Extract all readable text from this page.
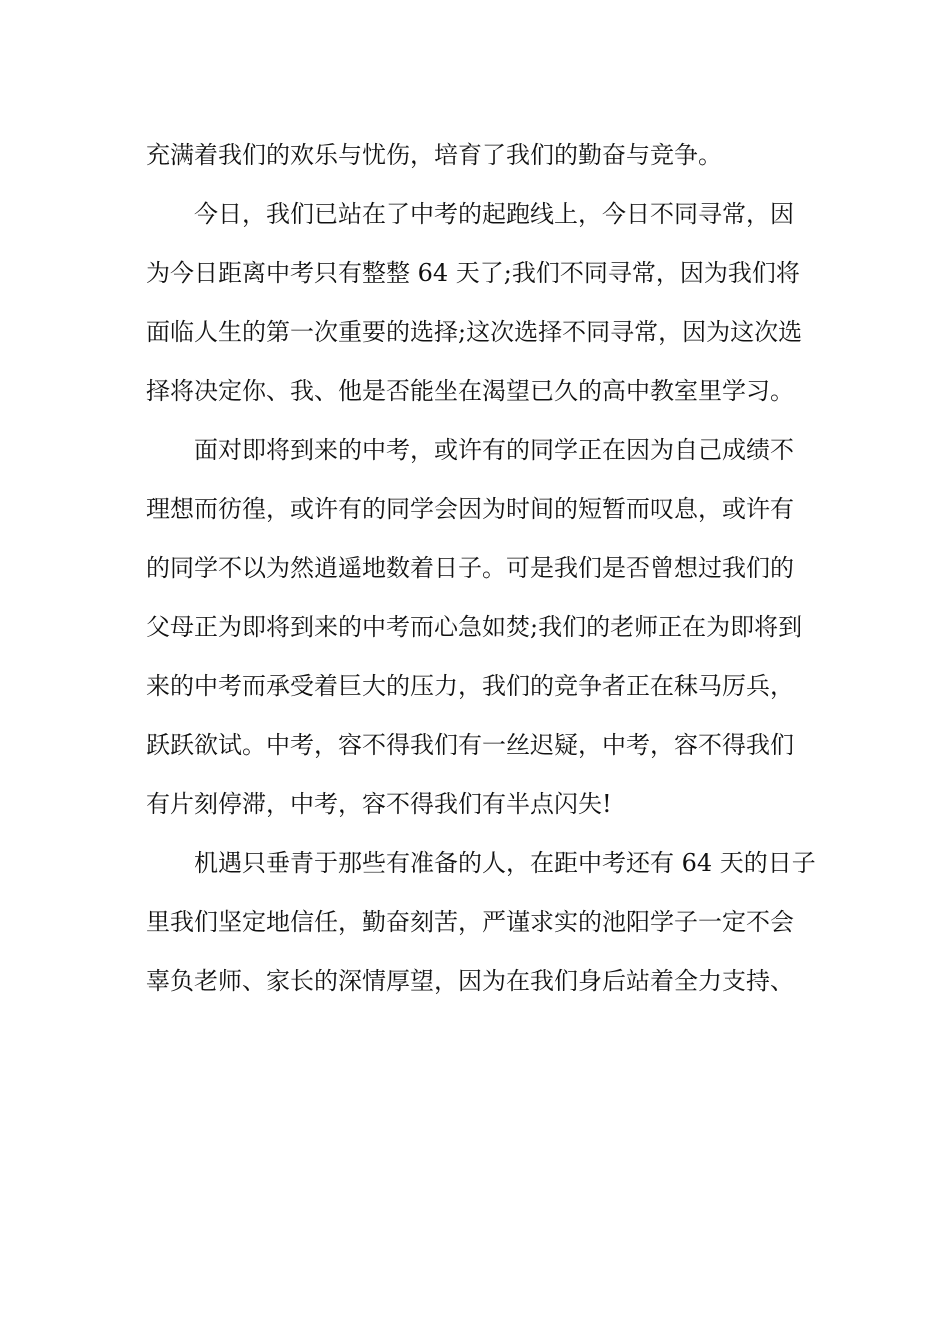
充满着我们的欢乐与忧伤，培育了我们的勤奋与竞争。
今日，我们已站在了中考的起跑线上，今日不同寻常，因
为今日距离中考只有整整 64 天了;我们不同寻常，因为我们将
面临人生的第一次重要的选择;这次选择不同寻常，因为这次选
择将决定你、我、他是否能坐在渴望已久的高中教室里学习。
面对即将到来的中考，或许有的同学正在因为自己成绩不
理想而彷徨，或许有的同学会因为时间的短暂而叹息，或许有
的同学不以为然逍遥地数着日子。可是我们是否曾想过我们的
父母正为即将到来的中考而心急如焚;我们的老师正在为即将到
来的中考而承受着巨大的压力，我们的竞争者正在秣马厉兵，
跃跃欲试。中考，容不得我们有一丝迟疑，中考，容不得我们
有片刻停滞，中考，容不得我们有半点闪失!
机遇只垂青于那些有准备的人，在距中考还有 64 天的日子
里我们坚定地信任，勤奋刻苦，严谨求实的池阳学子一定不会
辜负老师、家长的深情厚望，因为在我们身后站着全力支持、
